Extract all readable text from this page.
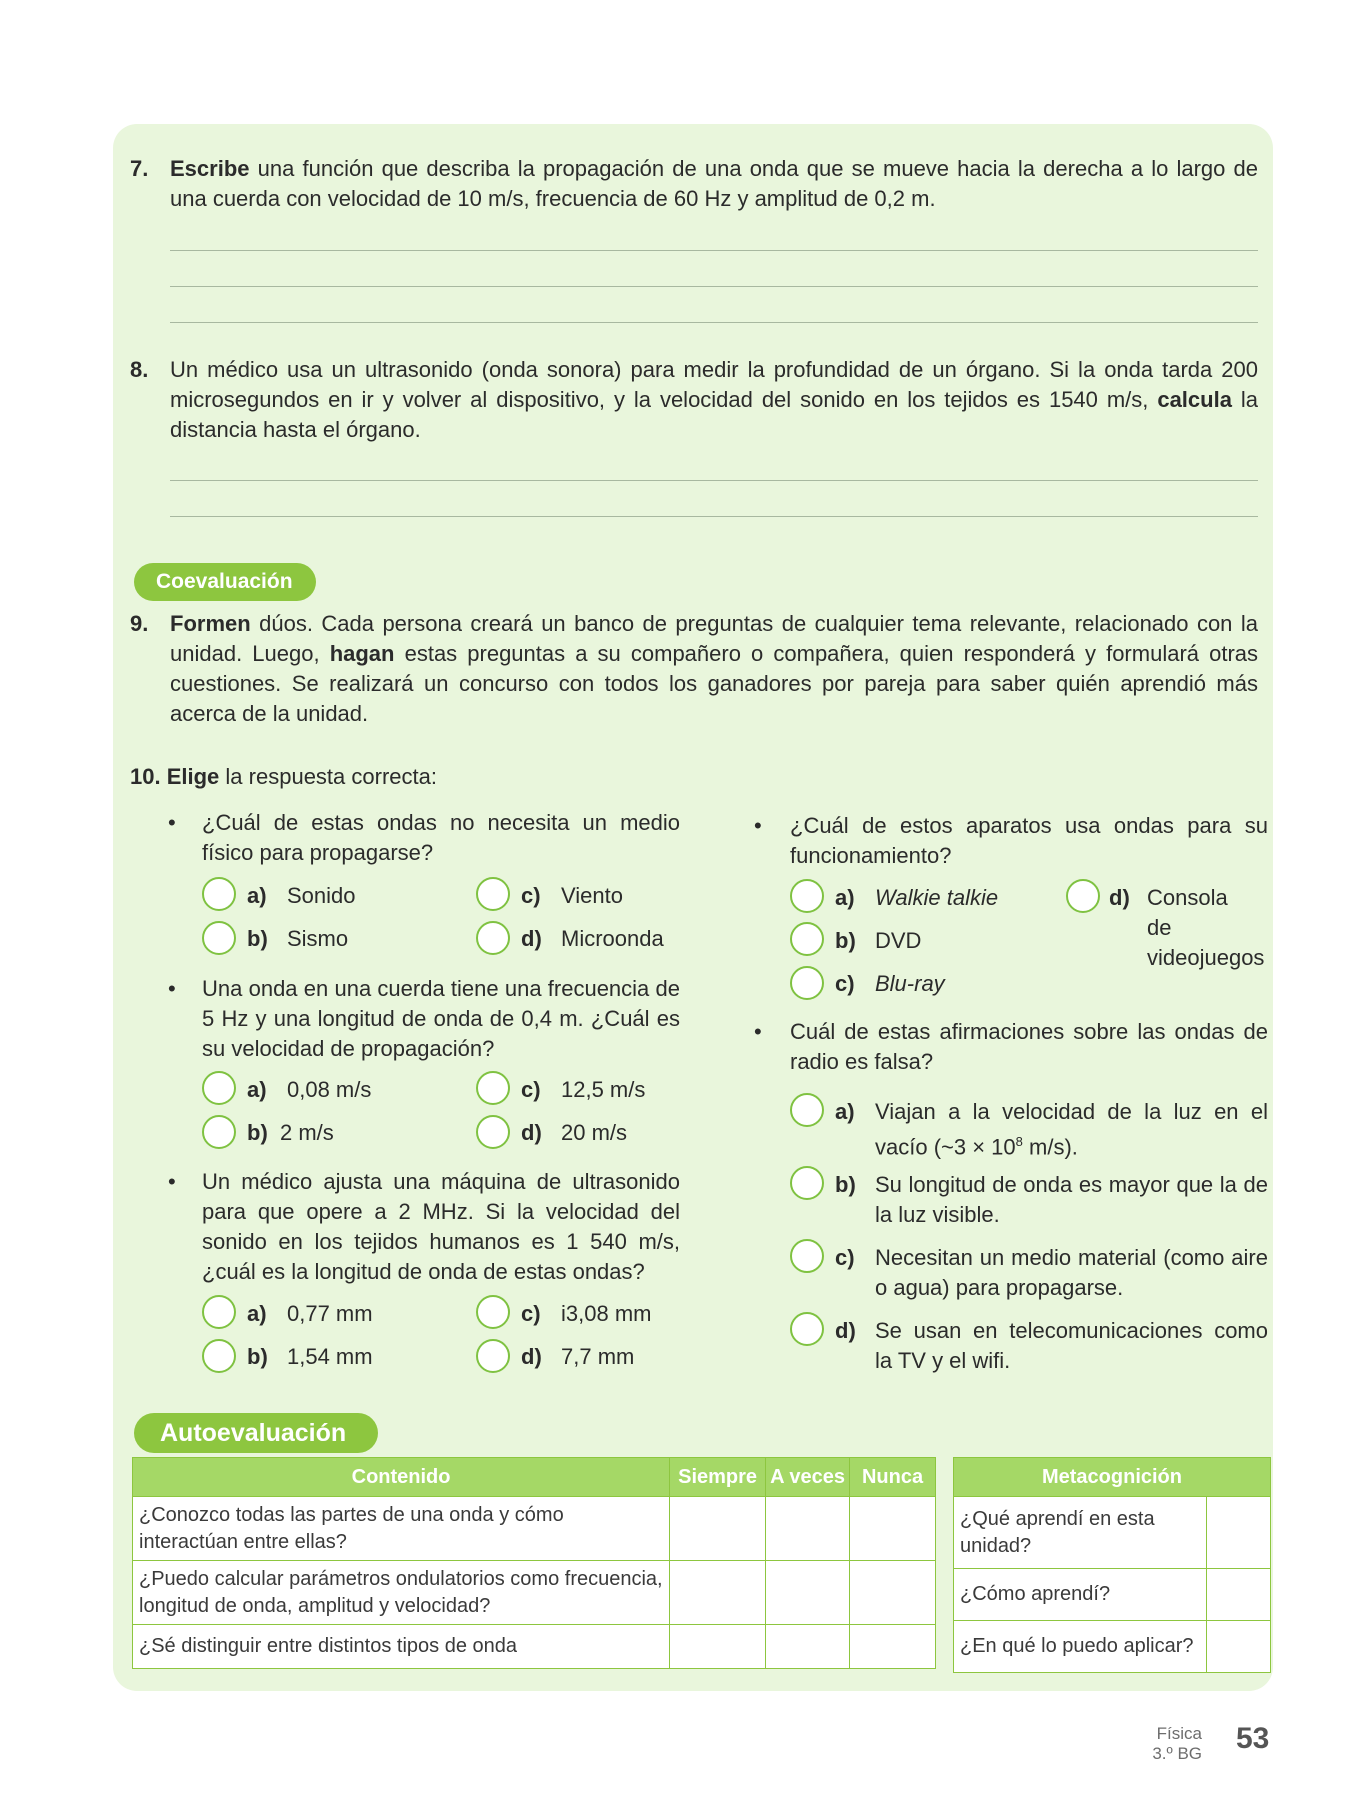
7. Escribe una función que describa la propagación de una onda que se mueve hacia la derecha a lo largo de una cuerda con velocidad de 10 m/s, frecuencia de 60 Hz y amplitud de 0,2 m.
8. Un médico usa un ultrasonido (onda sonora) para medir la profundidad de un órgano. Si la onda tarda 200 microsegundos en ir y volver al dispositivo, y la velocidad del sonido en los tejidos es 1540 m/s, calcula la distancia hasta el órgano.
Coevaluación
9. Formen dúos. Cada persona creará un banco de preguntas de cualquier tema relevante, relacionado con la unidad. Luego, hagan estas preguntas a su compañero o compañera, quien responderá y formulará otras cuestiones. Se realizará un concurso con todos los ganadores por pareja para saber quién aprendió más acerca de la unidad.
10. Elige la respuesta correcta:
• ¿Cuál de estas ondas no necesita un medio físico para propagarse?
a) Sonido	c) Viento
b) Sismo	d) Microonda
• Una onda en una cuerda tiene una frecuencia de 5 Hz y una longitud de onda de 0,4 m. ¿Cuál es su velocidad de propagación?
a) 0,08 m/s	c) 12,5 m/s
b) 2 m/s	d) 20 m/s
• Un médico ajusta una máquina de ultrasonido para que opere a 2 MHz. Si la velocidad del sonido en los tejidos humanos es 1 540 m/s, ¿cuál es la longitud de onda de estas ondas?
a) 0,77 mm	c) i3,08 mm
b) 1,54 mm	d) 7,7 mm
• ¿Cuál de estos aparatos usa ondas para su funcionamiento?
a) Walkie talkie
b) DVD
c) Blu-ray
d) Consola de videojuegos
• Cuál de estas afirmaciones sobre las ondas de radio es falsa?
a) Viajan a la velocidad de la luz en el vacío (~3 × $10^8$ m/s).
b) Su longitud de onda es mayor que la de la luz visible.
c) Necesitan un medio material (como aire o agua) para propagarse.
d) Se usan en telecomunicaciones como la TV y el wifi.
Autoevaluación
Contenido	Siempre	A veces	Nunca
¿Conozco todas las partes de una onda y cómo interactúan entre ellas?			
¿Puedo calcular parámetros ondulatorios como frecuencia, longitud de onda, amplitud y velocidad?			
¿Sé distinguir entre distintos tipos de onda			
Metacognición	
¿Qué aprendí en esta unidad?	
¿Cómo aprendí?	
¿En qué lo puedo aplicar?	
Física
3.º BG 53
